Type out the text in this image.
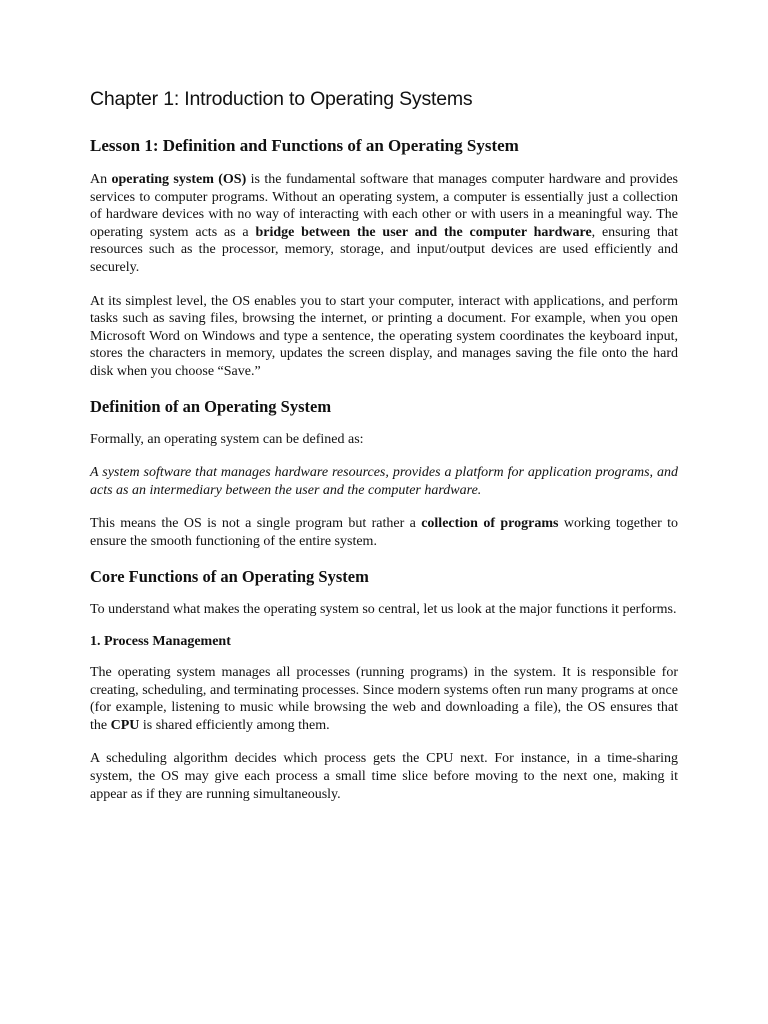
Chapter 1: Introduction to Operating Systems
Lesson 1: Definition and Functions of an Operating System

An operating system (OS) is the fundamental software that manages computer hardware and provides services to computer programs. Without an operating system, a computer is essentially just a collection of hardware devices with no way of interacting with each other or with users in a meaningful way. The operating system acts as a bridge between the user and the computer hardware, ensuring that resources such as the processor, memory, storage, and input/output devices are used efficiently and securely.

At its simplest level, the OS enables you to start your computer, interact with applications, and perform tasks such as saving files, browsing the internet, or printing a document. For example, when you open Microsoft Word on Windows and type a sentence, the operating system coordinates the keyboard input, stores the characters in memory, updates the screen display, and manages saving the file onto the hard disk when you choose “Save.”

Definition of an Operating System

Formally, an operating system can be defined as:

A system software that manages hardware resources, provides a platform for application programs, and acts as an intermediary between the user and the computer hardware.

This means the OS is not a single program but rather a collection of programs working together to ensure the smooth functioning of the entire system.

Core Functions of an Operating System

To understand what makes the operating system so central, let us look at the major functions it performs.

1. Process Management

The operating system manages all processes (running programs) in the system. It is responsible for creating, scheduling, and terminating processes. Since modern systems often run many programs at once (for example, listening to music while browsing the web and downloading a file), the OS ensures that the CPU is shared efficiently among them.

A scheduling algorithm decides which process gets the CPU next. For instance, in a time-sharing system, the OS may give each process a small time slice before moving to the next one, making it appear as if they are running simultaneously.
